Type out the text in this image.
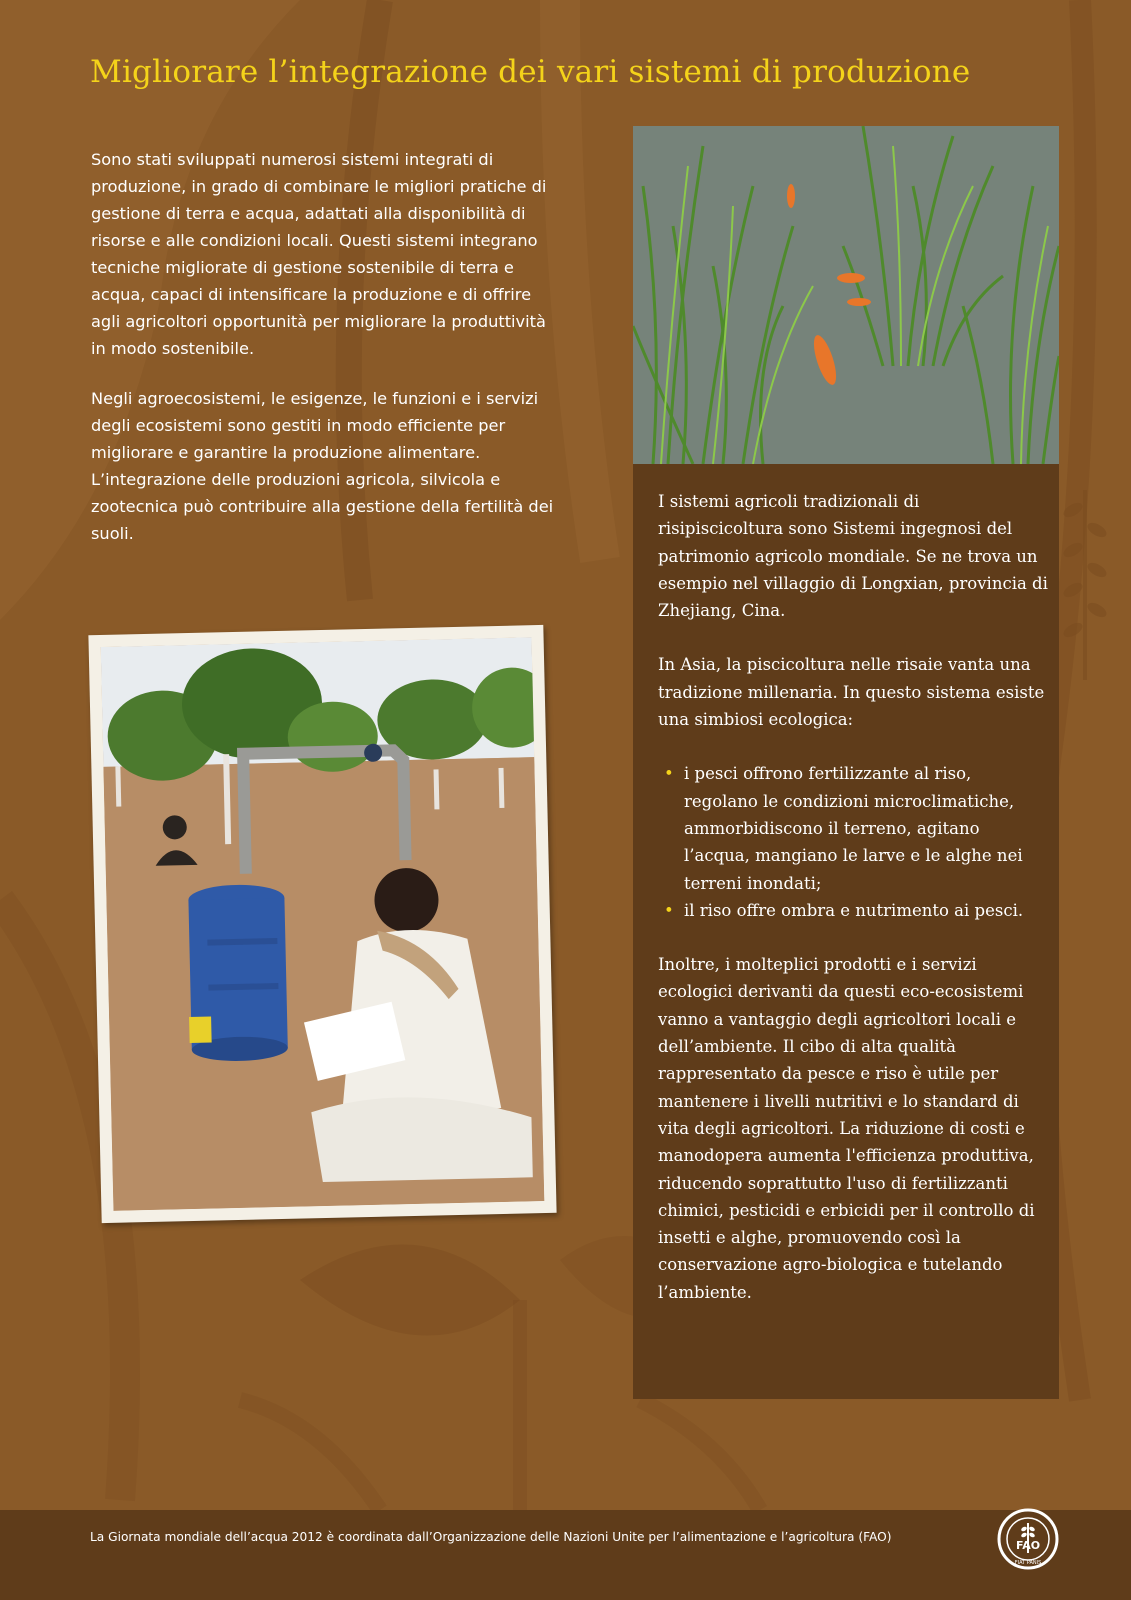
Migliorare l’integrazione dei vari sistemi di produzione

Sono stati sviluppati numerosi sistemi integrati di produzione, in grado di combinare le migliori pratiche di gestione di terra e acqua, adattati alla disponibilità di risorse e alle condizioni locali. Questi sistemi integrano tecniche migliorate di gestione sostenibile di terra e acqua, capaci di intensificare la produzione e di offrire agli agricoltori opportunità per migliorare la produttività in modo sostenibile.

Negli agroecosistemi, le esigenze, le funzioni e i servizi degli ecosistemi sono gestiti in modo efficiente per migliorare e garantire la produzione alimentare. L’integrazione delle produzioni agricola, silvicola e zootecnica può contribuire alla gestione della fertilità dei suoli.

I sistemi agricoli tradizionali di risipiscicoltura sono Sistemi ingegnosi del patrimonio agricolo mondiale. Se ne trova un esempio nel villaggio di Longxian, provincia di Zhejiang, Cina.

In Asia, la piscicoltura nelle risaie vanta una tradizione millenaria. In questo sistema esiste una simbiosi ecologica:

• i pesci offrono fertilizzante al riso, regolano le condizioni microclimatiche, ammorbidiscono il terreno, agitano l’acqua, mangiano le larve e le alghe nei terreni inondati;
• il riso offre ombra e nutrimento ai pesci.

Inoltre, i molteplici prodotti e i servizi ecologici derivanti da questi eco-ecosistemi vanno a vantaggio degli agricoltori locali e dell’ambiente. Il cibo di alta qualità rappresentato da pesce e riso è utile per mantenere i livelli nutritivi e lo standard di vita degli agricoltori. La riduzione di costi e manodopera aumenta l'efficienza produttiva, riducendo soprattutto l'uso di fertilizzanti chimici, pesticidi e erbicidi per il controllo di insetti e alghe, promuovendo così la conservazione agro-biologica e tutelando l’ambiente.

La Giornata mondiale dell’acqua 2012 è coordinata dall’Organizzazione delle Nazioni Unite per l’alimentazione e l’agricoltura (FAO)
FAO
FIAT PANIS
